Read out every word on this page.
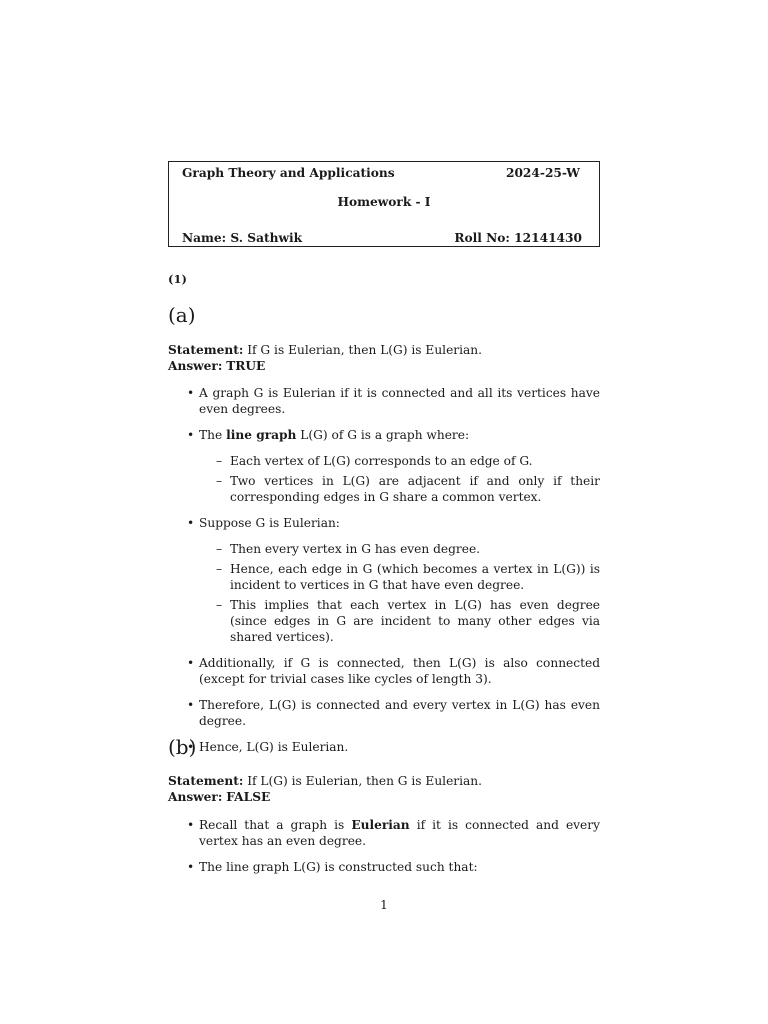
Graph Theory and Applications	2024-25-W
Homework - I
Name: S. Sathwik	Roll No: 12141430
(1)
(a)
Statement: If G is Eulerian, then L(G) is Eulerian.
Answer: TRUE
• A graph G is Eulerian if it is connected and all its vertices have even degrees.
• The line graph L(G) of G is a graph where:
– Each vertex of L(G) corresponds to an edge of G.
– Two vertices in L(G) are adjacent if and only if their corresponding edges in G share a common vertex.
• Suppose G is Eulerian:
– Then every vertex in G has even degree.
– Hence, each edge in G (which becomes a vertex in L(G)) is incident to vertices in G that have even degree.
– This implies that each vertex in L(G) has even degree (since edges in G are incident to many other edges via shared vertices).
• Additionally, if G is connected, then L(G) is also connected (except for trivial cases like cycles of length 3).
• Therefore, L(G) is connected and every vertex in L(G) has even degree.
• Hence, L(G) is Eulerian.
(b)
Statement: If L(G) is Eulerian, then G is Eulerian.
Answer: FALSE
• Recall that a graph is Eulerian if it is connected and every vertex has an even degree.
• The line graph L(G) is constructed such that:
1
